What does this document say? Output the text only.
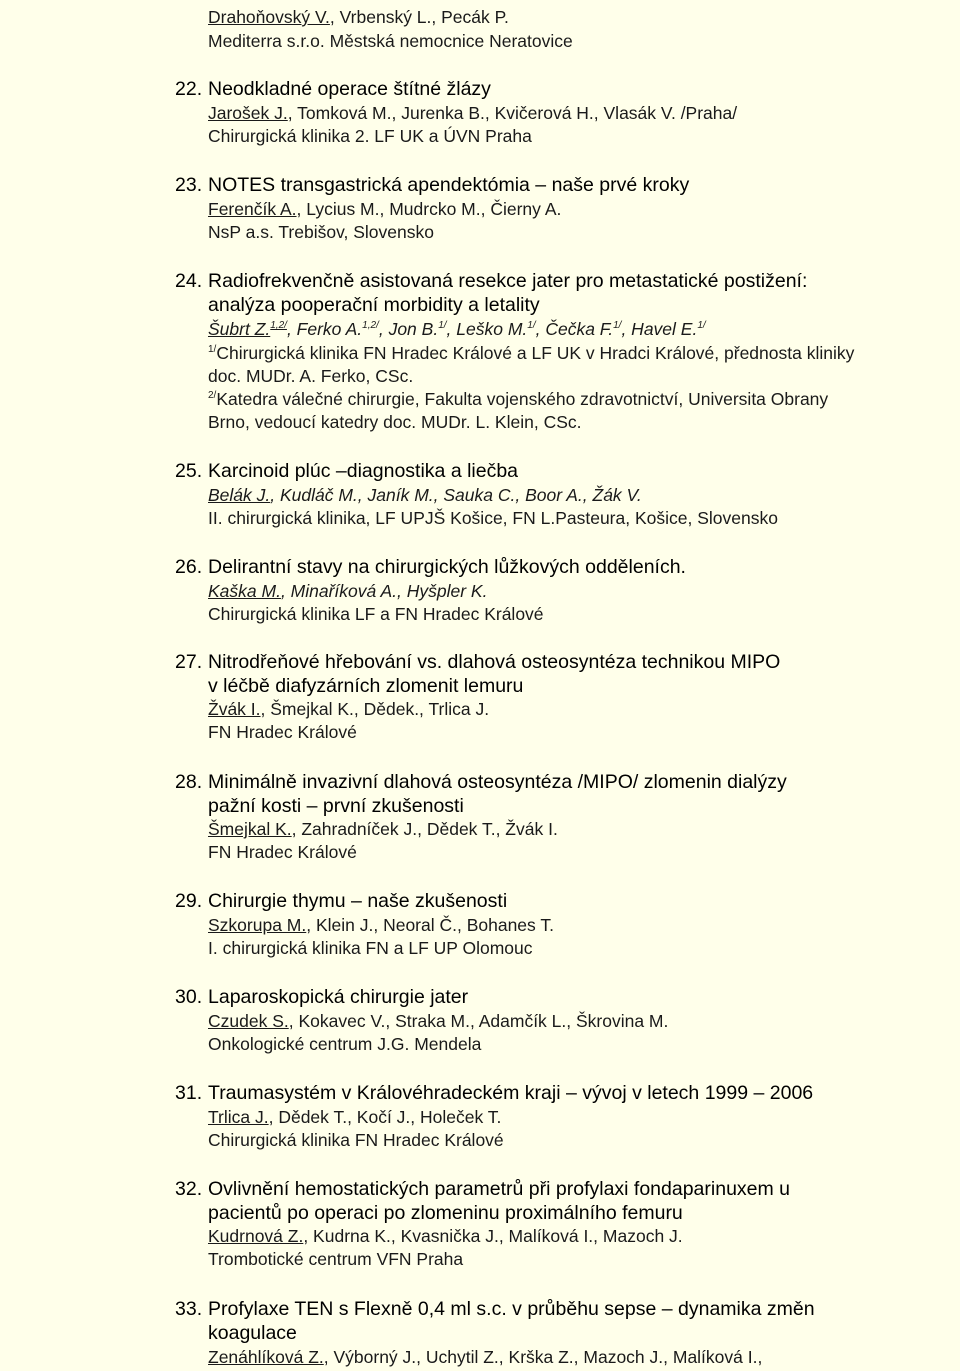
Drahoňovský V., Vrbenský L., Pecák P.
Mediterra s.r.o. Městská nemocnice Neratovice
22. Neodkladné operace štítné žlázy
Jarošek J., Tomková M., Jurenka B., Kvičerová H., Vlasák V. /Praha/
Chirurgická klinika 2. LF UK a ÚVN Praha
23. NOTES transgastrická apendektómia – naše prvé kroky
Ferenčík A., Lycius M., Mudrcko M., Čierny A.
NsP a.s. Trebišov, Slovensko
24. Radiofrekvenčně asistovaná resekce jater pro metastatické postižení:
analýza pooperační morbidity a letality
Šubrt Z.$^{1,2/}$, Ferko A.$^{1,2/}$, Jon B.$^{1/}$, Leško M.$^{1/}$, Čečka F.$^{1/}$, Havel E.$^{1/}$
$^{1/}$Chirurgická klinika FN Hradec Králové a LF UK v Hradci Králové, přednosta kliniky
doc. MUDr. A. Ferko, CSc.
$^{2/}$Katedra válečné chirurgie, Fakulta vojenského zdravotnictví, Universita Obrany
Brno, vedoucí katedry doc. MUDr. L. Klein, CSc.
25. Karcinoid plúc –diagnostika a liečba
Belák J., Kudláč M., Janík M., Sauka C., Boor A., Žák V.
II. chirurgická klinika, LF UPJŠ Košice, FN L.Pasteura, Košice, Slovensko
26. Delirantní stavy na chirurgických lůžkových odděleních.
Kaška M., Minaříková A., Hyšpler K.
Chirurgická klinika LF a FN Hradec Králové
27. Nitrodřeňové hřebování vs. dlahová osteosyntéza technikou MIPO
v léčbě diafyzárních zlomenit lemuru
Žvák I., Šmejkal K., Dědek., Trlica J.
FN Hradec Králové
28. Minimálně invazivní dlahová osteosyntéza /MIPO/ zlomenin dialýzy
pažní kosti – první zkušenosti
Šmejkal K., Zahradníček J., Dědek T., Žvák I.
FN Hradec Králové
29. Chirurgie thymu – naše zkušenosti
Szkorupa M., Klein J., Neoral Č., Bohanes T.
I. chirurgická klinika FN a LF UP Olomouc
30. Laparoskopická chirurgie jater
Czudek S., Kokavec V., Straka M., Adamčík L., Škrovina M.
Onkologické centrum J.G. Mendela
31. Traumasystém v Královéhradeckém kraji – vývoj v letech 1999 – 2006
Trlica J., Dědek T., Kočí J., Holeček T.
Chirurgická klinika FN Hradec Králové
32. Ovlivnění hemostatických parametrů při profylaxi fondaparinuxem u
pacientů po operaci po zlomeninu proximálního femuru
Kudrnová Z., Kudrna K., Kvasnička J., Malíková I., Mazoch J.
Trombotické centrum VFN Praha
33. Profylaxe TEN s Flexně 0,4 ml s.c. v průběhu sepse – dynamika změn
koagulace
Zenáhlíková Z., Výborný J., Uchytil Z., Krška Z., Mazoch J., Malíková I.,
